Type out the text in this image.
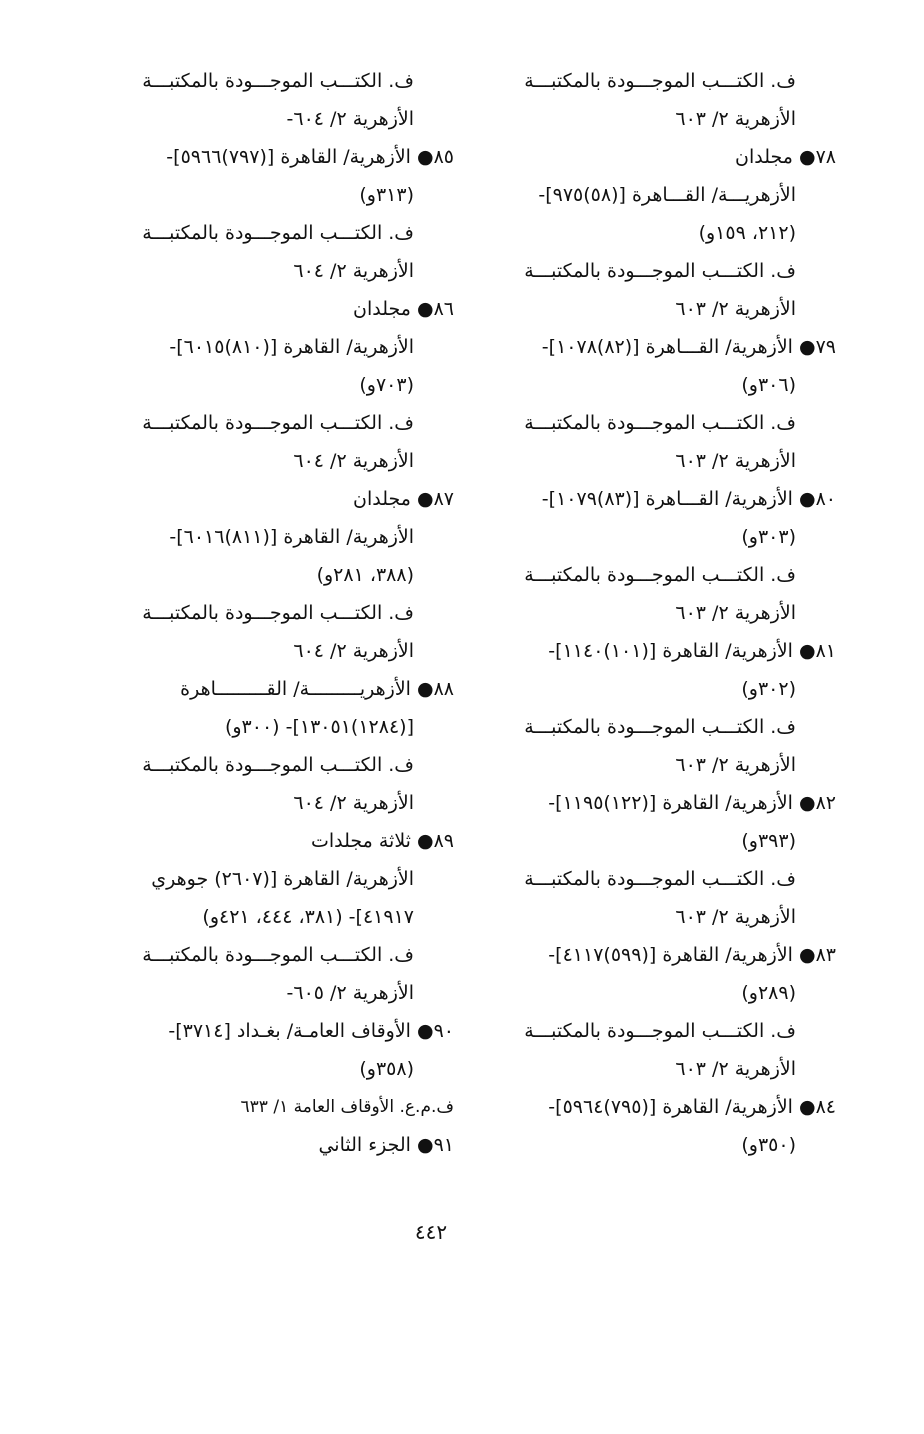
ف. الكتـــب الموجـــودة بالمكتبـــة
الأزهرية ٢/ ٦٠٣
٧٨● مجلدان
الأزهريـــة/ القـــاهرة [(٥٨)٩٧٥]-
(٢١٢، ١٥٩و)
ف. الكتـــب الموجـــودة بالمكتبـــة
الأزهرية ٢/ ٦٠٣
٧٩● الأزهرية/ القـــاهرة [(٨٢)١٠٧٨]-
(٣٠٦و)
ف. الكتـــب الموجـــودة بالمكتبـــة
الأزهرية ٢/ ٦٠٣
٨٠● الأزهرية/ القـــاهرة [(٨٣)١٠٧٩]-
(٣٠٣و)
ف. الكتـــب الموجـــودة بالمكتبـــة
الأزهرية ٢/ ٦٠٣
٨١● الأزهرية/ القاهرة [(١٠١)١١٤٠]-
(٣٠٢و)
ف. الكتـــب الموجـــودة بالمكتبـــة
الأزهرية ٢/ ٦٠٣
٨٢● الأزهرية/ القاهرة [(١٢٢)١١٩٥]-
(٣٩٣و)
ف. الكتـــب الموجـــودة بالمكتبـــة
الأزهرية ٢/ ٦٠٣
٨٣● الأزهرية/ القاهرة [(٥٩٩)٤١١٧]-
(٢٨٩و)
ف. الكتـــب الموجـــودة بالمكتبـــة
الأزهرية ٢/ ٦٠٣
٨٤● الأزهرية/ القاهرة [(٧٩٥)٥٩٦٤]-
(٣٥٠و)
ف. الكتـــب الموجـــودة بالمكتبـــة
الأزهرية ٢/ ٦٠٤-
٨٥● الأزهرية/ القاهرة [(٧٩٧)٥٩٦٦]-
(٣١٣و)
ف. الكتـــب الموجـــودة بالمكتبـــة
الأزهرية ٢/ ٦٠٤
٨٦● مجلدان
الأزهرية/ القاهرة [(٨١٠)٦٠١٥]-
(٧٠٣و)
ف. الكتـــب الموجـــودة بالمكتبـــة
الأزهرية ٢/ ٦٠٤
٨٧● مجلدان
الأزهرية/ القاهرة [(٨١١)٦٠١٦]-
(٣٨٨، ٢٨١و)
ف. الكتـــب الموجـــودة بالمكتبـــة
الأزهرية ٢/ ٦٠٤
٨٨● الأزهريـــــــــة/ القـــــــــاهرة
[(١٢٨٤)١٣٠٥١]- (٣٠٠و)
ف. الكتـــب الموجـــودة بالمكتبـــة
الأزهرية ٢/ ٦٠٤
٨٩● ثلاثة مجلدات
الأزهرية/ القاهرة [(٢٦٠٧) جوهري
٤١٩١٧]- (٣٨١، ٤٤٤، ٤٢١و)
ف. الكتـــب الموجـــودة بالمكتبـــة
الأزهرية ٢/ ٦٠٥-
٩٠● الأوقاف العامـة/ بغـداد [٣٧١٤]-
(٣٥٨و)
ف.م.ع. الأوقاف العامة ١/ ٦٣٣
٩١● الجزء الثاني
٤٤٢
